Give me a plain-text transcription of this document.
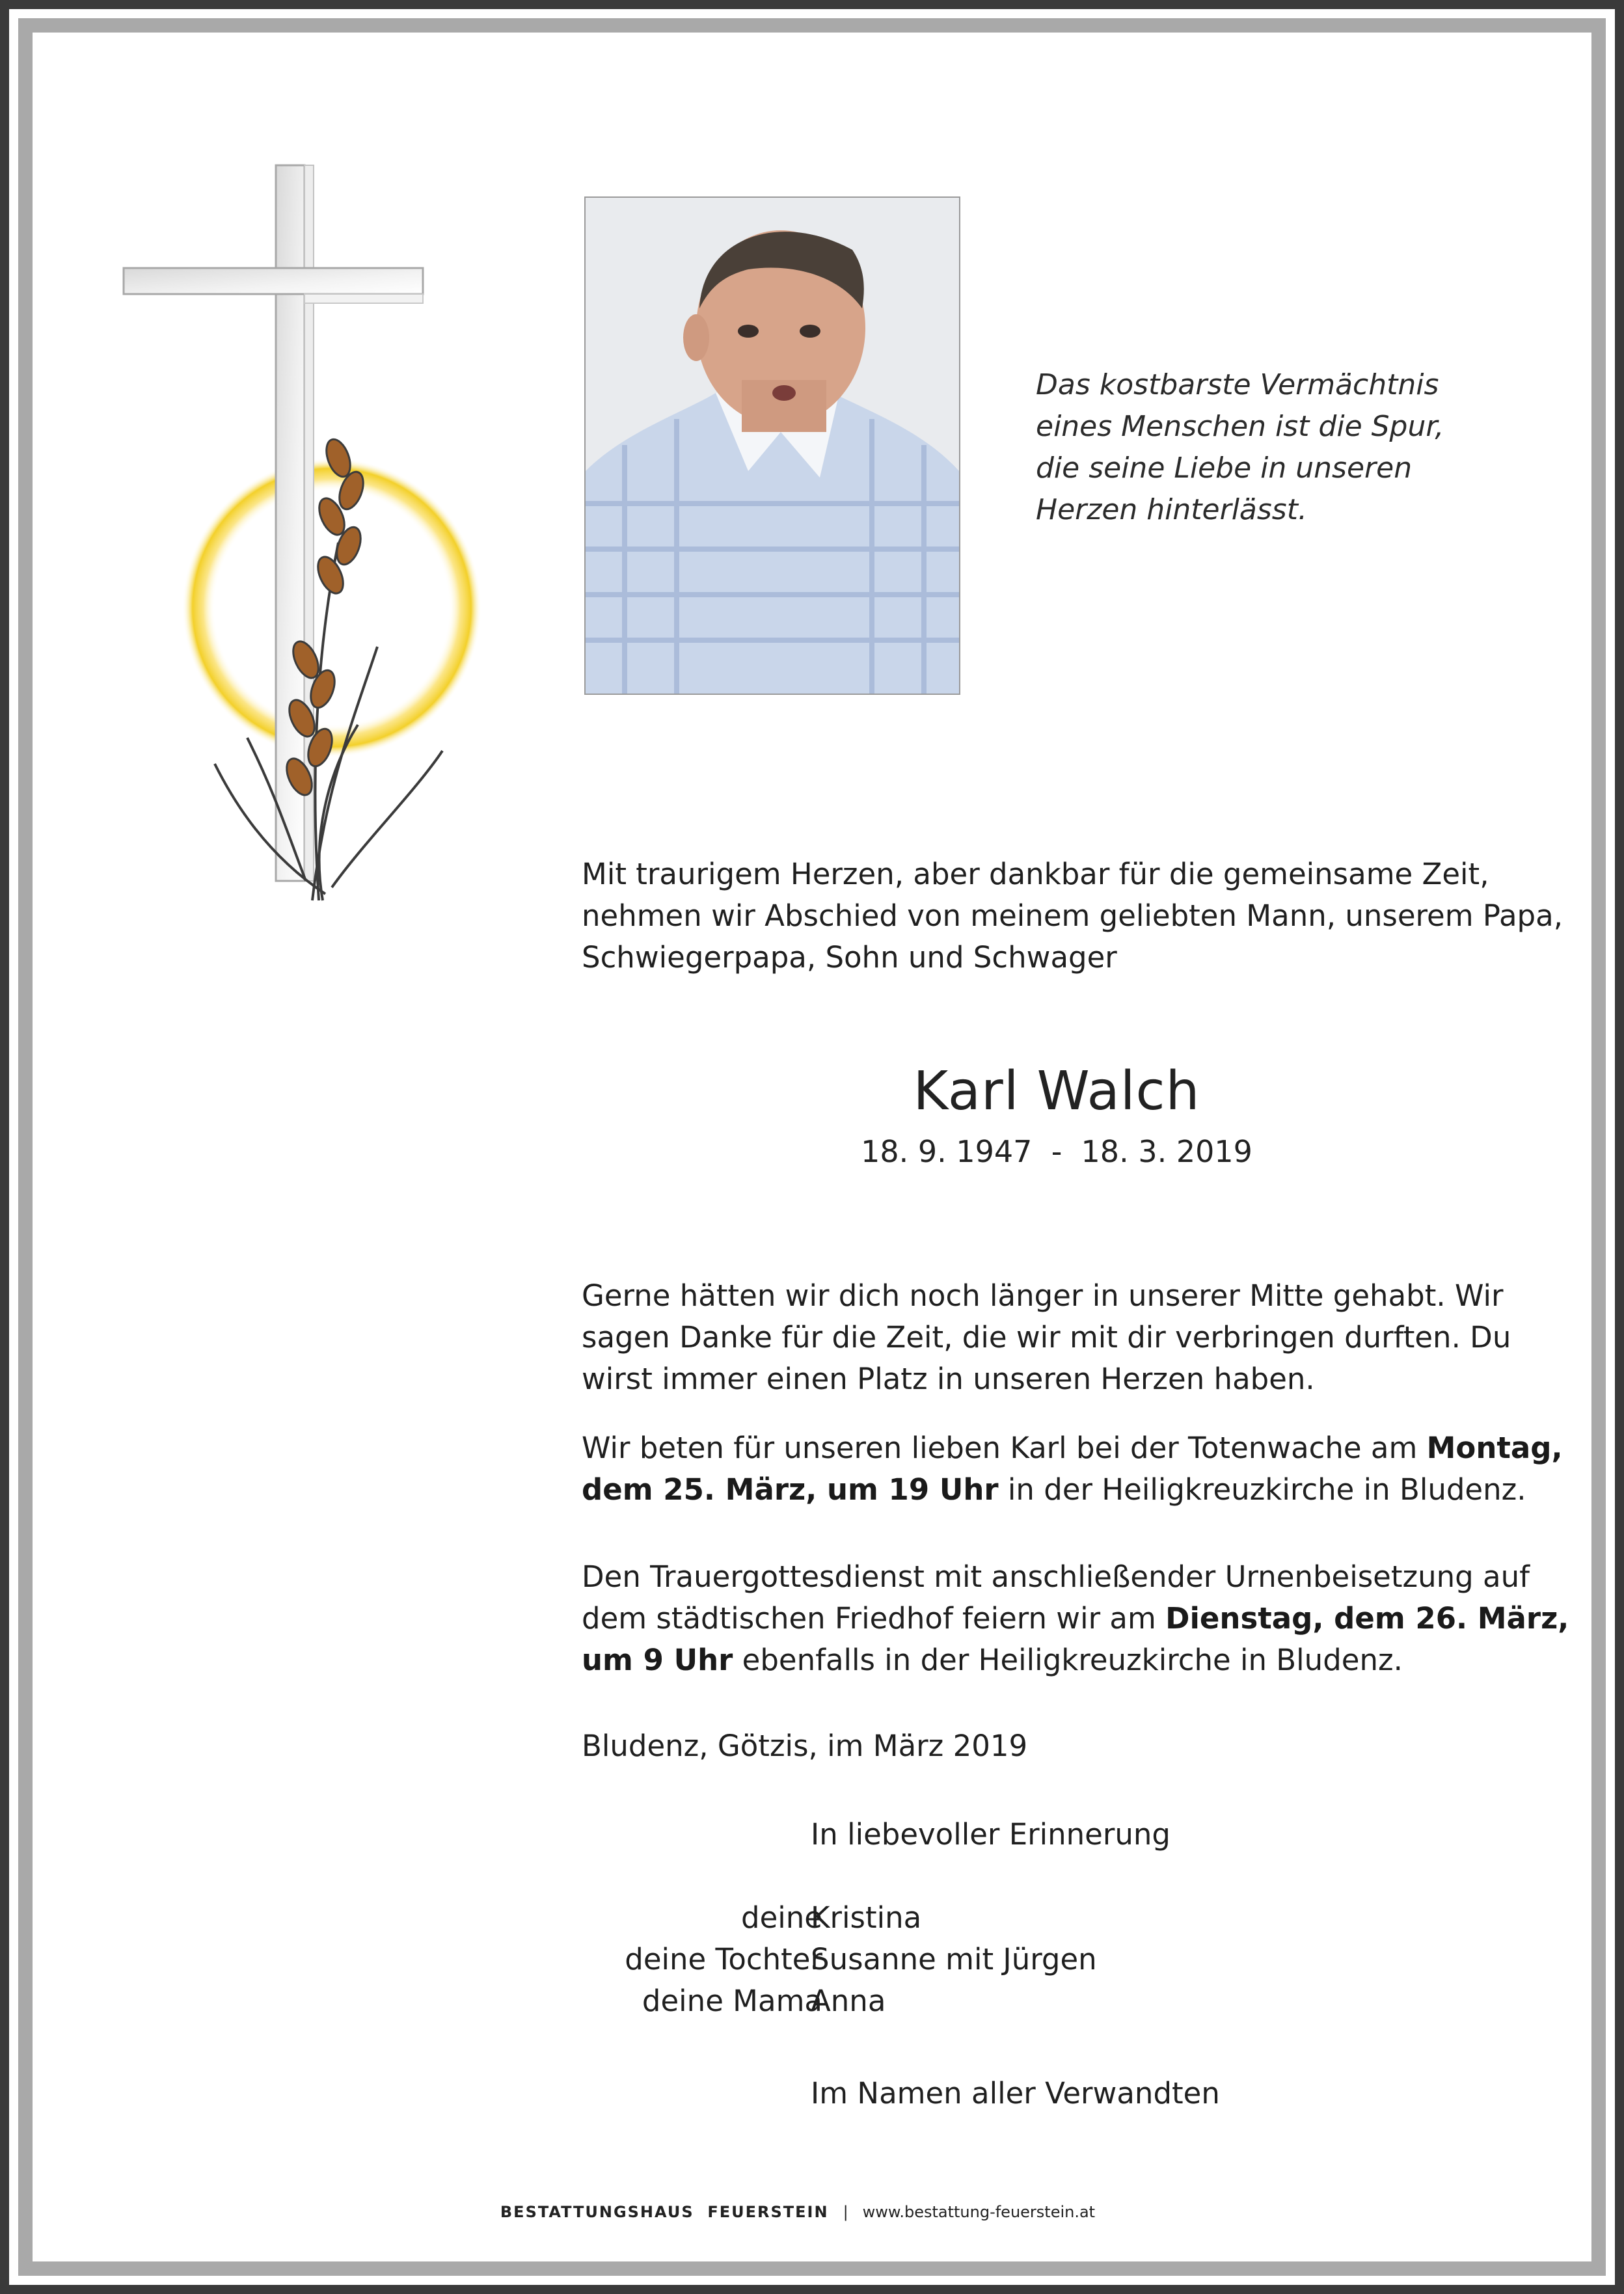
Das kostbarste Vermächtnis
eines Menschen ist die Spur,
die seine Liebe in unseren
Herzen hinterlässt.
Mit traurigem Herzen, aber dankbar für die gemeinsame Zeit,
nehmen wir Abschied von meinem geliebten Mann, unserem Papa,
Schwiegerpapa, Sohn und Schwager
Karl Walch
18. 9. 1947  -  18. 3. 2019
Gerne hätten wir dich noch länger in unserer Mitte gehabt. Wir
sagen Danke für die Zeit, die wir mit dir verbringen durften. Du
wirst immer einen Platz in unseren Herzen haben.
Wir beten für unseren lieben Karl bei der Totenwache am Montag,
dem 25. März, um 19 Uhr in der Heiligkreuzkirche in Bludenz.
Den Trauergottesdienst mit anschließender Urnenbeisetzung auf
dem städtischen Friedhof feiern wir am Dienstag, dem 26. März,
um 9 Uhr ebenfalls in der Heiligkreuzkirche in Bludenz.
Bludenz, Götzis, im März 2019
In liebevoller Erinnerung
deine
Kristina
deine Tochter
Susanne mit Jürgen
deine Mama
Anna
Im Namen aller Verwandten
BESTATTUNGSHAUS  FEUERSTEIN | www.bestattung-feuerstein.at
